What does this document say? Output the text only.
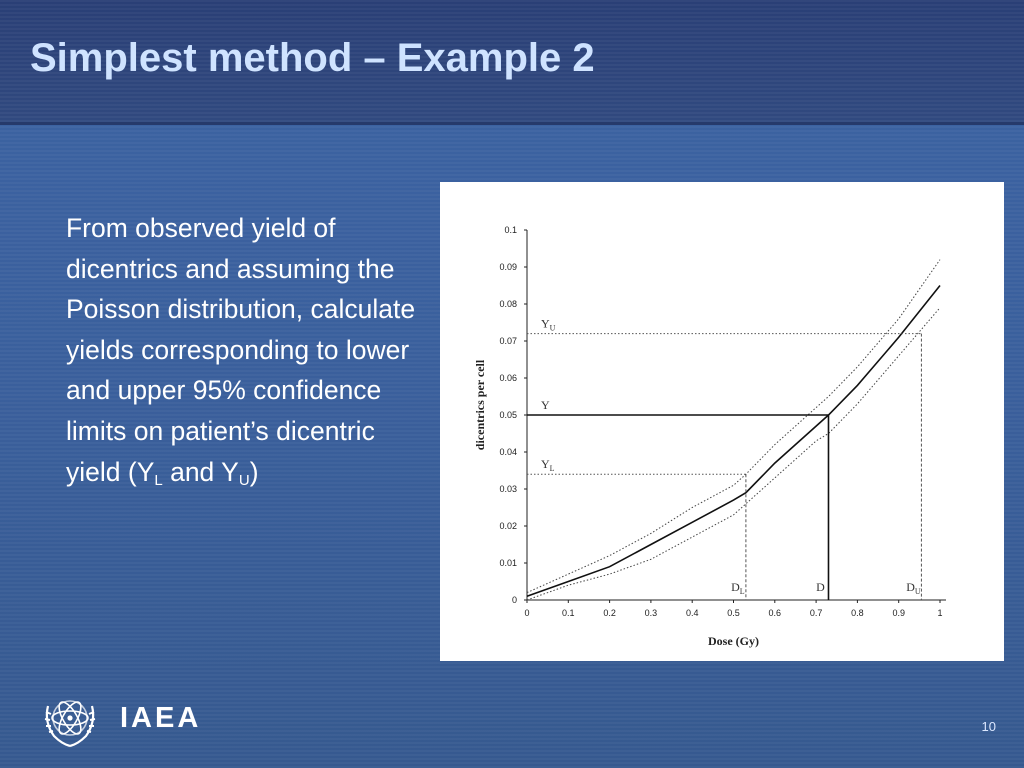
Simplest method – Example 2
From observed yield of dicentrics and assuming the Poisson distribution, calculate yields corresponding to lower and upper 95% confidence limits on patient’s dicentric yield ($Y_L$ and $Y_U$)
0
0.01
0.02
0.03
0.04
0.05
0.06
0.07
0.08
0.09
0.1
0	0.1	0.2	0.3	0.4	0.5	0.6	0.7	0.8	0.9	1
Dose (Gy)
dicentrics per cell
$Y_U$
$D_U$
Y
D
$Y_L$
$D_L$
IAEA	10
